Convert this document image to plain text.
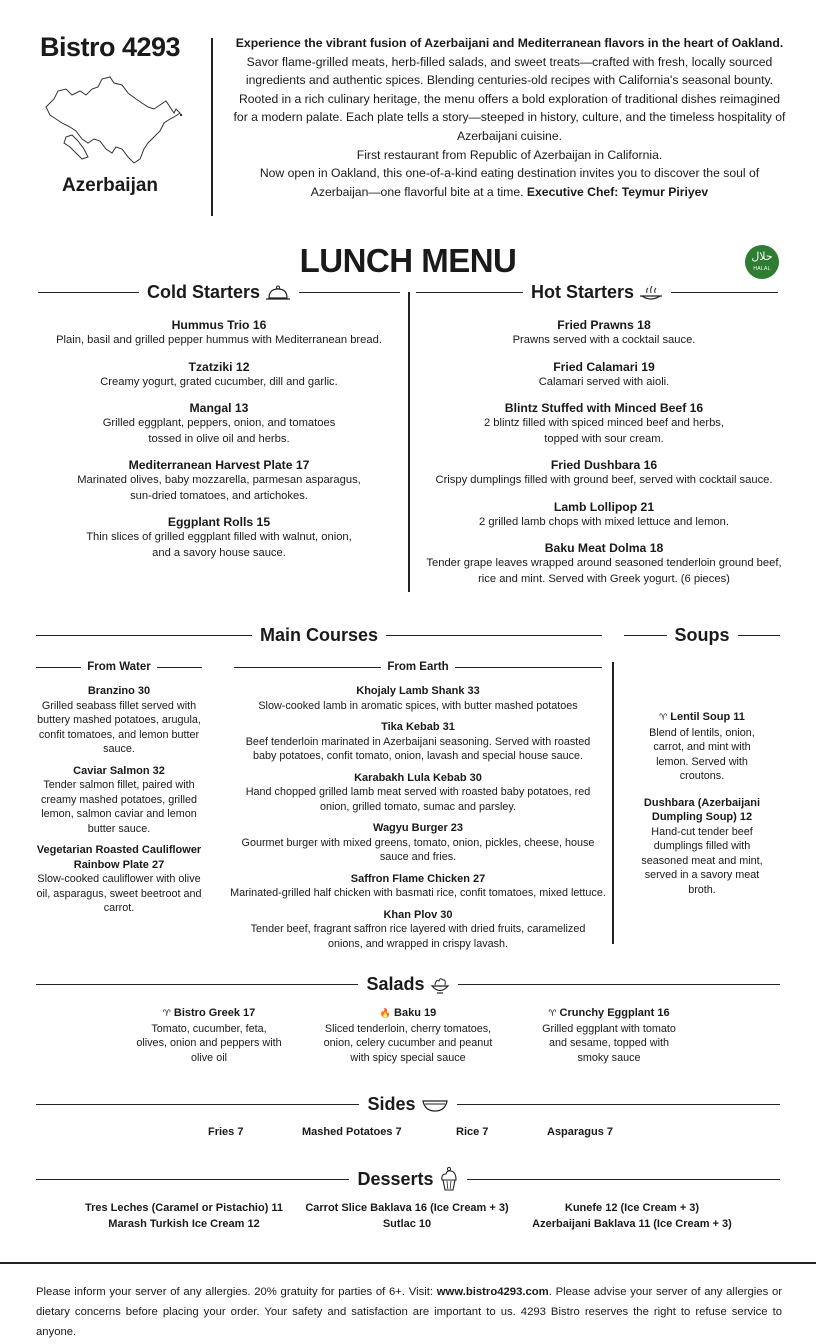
Bistro 4293
Azerbaijan
Experience the vibrant fusion of Azerbaijani and Mediterranean flavors in the heart of Oakland.
Savor flame-grilled meats, herb-filled salads, and sweet treats—crafted with fresh, locally sourced ingredients and authentic spices. Blending centuries-old recipes with California's seasonal bounty.
Rooted in a rich culinary heritage, the menu offers a bold exploration of traditional dishes reimagined for a modern palate. Each plate tells a story—steeped in history, culture, and the timeless hospitality of Azerbaijani cuisine.
First restaurant from Republic of Azerbaijan in California.
Now open in Oakland, this one-of-a-kind eating destination invites you to discover the soul of Azerbaijan—one flavorful bite at a time. Executive Chef: Teymur Piriyev
LUNCH MENU	حلال
HALAL
Cold Starters
Hummus Trio 16
Plain, basil and grilled pepper hummus with Mediterranean bread.
Tzatziki 12
Creamy yogurt, grated cucumber, dill and garlic.
Mangal 13
Grilled eggplant, peppers, onion, and tomatoes tossed in olive oil and herbs.
Mediterranean Harvest Plate 17
Marinated olives, baby mozzarella, parmesan asparagus, sun-dried tomatoes, and artichokes.
Eggplant Rolls 15
Thin slices of grilled eggplant filled with walnut, onion, and a savory house sauce.
Hot Starters
Fried Prawns 18
Prawns served with a cocktail sauce.
Fried Calamari 19
Calamari served with aioli.
Blintz Stuffed with Minced Beef 16
2 blintz filled with spiced minced beef and herbs, topped with sour cream.
Fried Dushbara 16
Crispy dumplings filled with ground beef, served with cocktail sauce.
Lamb Lollipop 21
2 grilled lamb chops with mixed lettuce and lemon.
Baku Meat Dolma 18
Tender grape leaves wrapped around seasoned tenderloin ground beef, rice and mint. Served with Greek yogurt. (6 pieces)
Main Courses
From Water
Branzino 30
Grilled seabass fillet served with buttery mashed potatoes, arugula, confit tomatoes, and lemon butter sauce.
Caviar Salmon 32
Tender salmon fillet, paired with creamy mashed potatoes, grilled lemon, salmon caviar and lemon butter sauce.
Vegetarian Roasted Cauliflower Rainbow Plate 27
Slow-cooked cauliflower with olive oil, asparagus, sweet beetroot and carrot.
From Earth
Khojaly Lamb Shank 33
Slow-cooked lamb in aromatic spices, with butter mashed potatoes
Tika Kebab 31
Beef tenderloin marinated in Azerbaijani seasoning. Served with roasted baby potatoes, confit tomato, onion, lavash and special house sauce.
Karabakh Lula Kebab 30
Hand chopped grilled lamb meat served with roasted baby potatoes, red onion, grilled tomato, sumac and parsley.
Wagyu Burger 23
Gourmet burger with mixed greens, tomato, onion, pickles, cheese, house sauce and fries.
Saffron Flame Chicken 27
Marinated-grilled half chicken with basmati rice, confit tomatoes, mixed lettuce.
Khan Plov 30
Tender beef, fragrant saffron rice layered with dried fruits, caramelized onions, and wrapped in crispy lavash.
Soups
♈ Lentil Soup 11
Blend of lentils, onion, carrot, and mint with lemon. Served with croutons.
Dushbara (Azerbaijani Dumpling Soup) 12
Hand-cut tender beef dumplings filled with seasoned meat and mint, served in a savory meat broth.
Salads
♈ Bistro Greek 17
Tomato, cucumber, feta, olives, onion and peppers with olive oil
🔥 Baku 19
Sliced tenderloin, cherry tomatoes, onion, celery cucumber and peanut with spicy special sauce
♈ Crunchy Eggplant 16
Grilled eggplant with tomato and sesame, topped with smoky sauce
Sides
Fries 7	Mashed Potatoes 7	Rice 7	Asparagus 7
Desserts
Tres Leches (Caramel or Pistachio) 11
Marash Turkish Ice Cream 12
Carrot Slice Baklava 16 (Ice Cream + 3)
Sutlac 10
Kunefe 12 (Ice Cream + 3)
Azerbaijani Baklava 11 (Ice Cream + 3)
Please inform your server of any allergies. 20% gratuity for parties of 6+. Visit: www.bistro4293.com. Please advise your server of any allergies or dietary concerns before placing your order. Your safety and satisfaction are important to us. 4293 Bistro reserves the right to refuse service to anyone.
